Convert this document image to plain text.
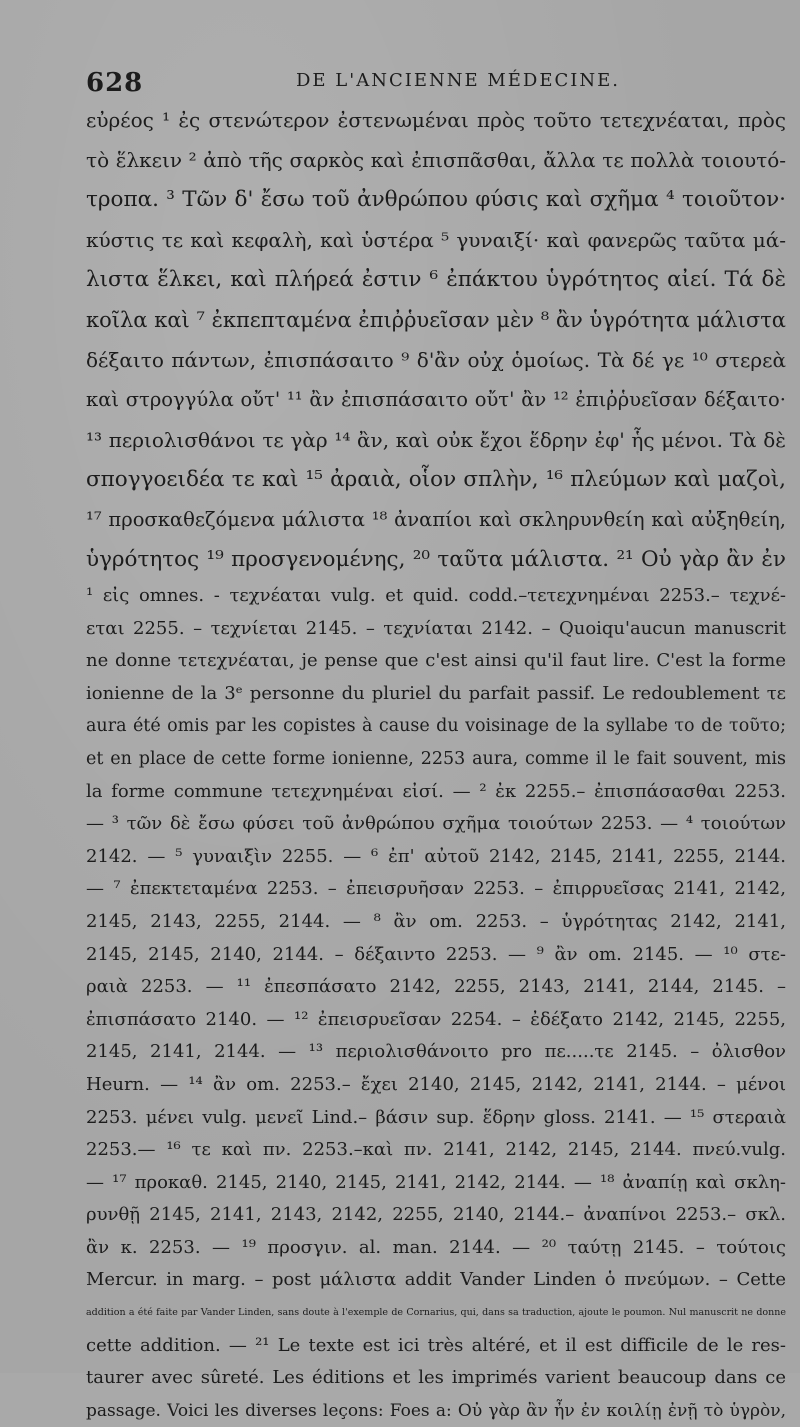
628	DE L'ANCIENNE MÉDECINE.
εὐρέος ¹ ἐς στενώτερον ἐστενωμέναι πρὸς τοῦτο τετεχνέαται, πρὸς
τὸ ἕλκειν ² ἀπὸ τῆς σαρκὸς καὶ ἐπισπᾶσθαι, ἄλλα τε πολλὰ τοιουτό-
τροπα. ³ Τῶν δ' ἔσω τοῦ ἀνθρώπου φύσις καὶ σχῆμα ⁴ τοιοῦτον·
κύστις τε καὶ κεφαλὴ, καὶ ὑστέρα ⁵ γυναιξί· καὶ φανερῶς ταῦτα μά-
λιστα ἕλκει, καὶ πλήρεά ἐστιν ⁶ ἐπάκτου ὑγρότητος αἰεί. Τά δὲ
κοῖλα καὶ ⁷ ἐκπεπταμένα ἐπιῤῥυεῖσαν μὲν ⁸ ἂν ὑγρότητα μάλιστα
δέξαιτο πάντων, ἐπισπάσαιτο ⁹ δ'ἂν οὐχ ὁμοίως. Τὰ δέ γε ¹⁰ στερεὰ
καὶ στρογγύλα οὔτ' ¹¹ ἂν ἐπισπάσαιτο οὔτ' ἂν ¹² ἐπιῤῥυεῖσαν δέξαιτο·
¹³ περιολισθάνοι τε γὰρ ¹⁴ ἂν, καὶ οὐκ ἔχοι ἕδρην ἐφ' ἧς μένοι. Τὰ δὲ
σπογγοειδέα τε καὶ ¹⁵ ἀραιὰ, οἷον σπλὴν, ¹⁶ πλεύμων καὶ μαζοὶ,
¹⁷ προσκαθεζόμενα μάλιστα ¹⁸ ἀναπίοι καὶ σκληρυνθείη καὶ αὐξηθείη,
ὑγρότητος ¹⁹ προσγενομένης, ²⁰ ταῦτα μάλιστα. ²¹ Οὐ γὰρ ἂν ἐν
¹ εἰς omnes. - τεχνέαται vulg. et quid. codd.–τετεχνημέναι 2253.– τεχνέ-
εται 2255. – τεχνίεται 2145. – τεχνίαται 2142. – Quoiqu'aucun manuscrit
ne donne τετεχνέαται, je pense que c'est ainsi qu'il faut lire. C'est la forme
ionienne de la 3ᵉ personne du pluriel du parfait passif. Le redoublement τε
aura été omis par les copistes à cause du voisinage de la syllabe το de τοῦτο;
et en place de cette forme ionienne, 2253 aura, comme il le fait souvent, mis
la forme commune τετεχνημέναι εἰσί. — ² ἐκ 2255.– ἐπισπάσασθαι 2253.
— ³ τῶν δὲ ἔσω φύσει τοῦ ἀνθρώπου σχῆμα τοιούτων 2253. — ⁴ τοιούτων
2142. — ⁵ γυναιξὶν 2255. — ⁶ ἐπ' αὐτοῦ 2142, 2145, 2141, 2255, 2144.
— ⁷ ἐπεκτεταμένα 2253. – ἐπεισρυῆσαν 2253. – ἐπιρρυεῖσας 2141, 2142,
2145, 2143, 2255, 2144. — ⁸ ἂν om. 2253. – ὑγρότητας 2142, 2141,
2145, 2145, 2140, 2144. – δέξαιντο 2253. — ⁹ ἂν om. 2145. — ¹⁰ στε-
ραιὰ 2253. — ¹¹ ἐπεσπάσατο 2142, 2255, 2143, 2141, 2144, 2145. –
ἐπισπάσατο 2140. — ¹² ἐπεισρυεῖσαν 2254. – ἐδέξατο 2142, 2145, 2255,
2145, 2141, 2144. — ¹³ περιολισθάνοιτο pro πε.....τε 2145. – ὀλισθον
Heurn. — ¹⁴ ἂν om. 2253.– ἔχει 2140, 2145, 2142, 2141, 2144. – μένοι
2253. μένει vulg. μενεῖ Lind.– βάσιν sup. ἕδρην gloss. 2141. — ¹⁵ στεραιὰ
2253.— ¹⁶ τε καὶ πν. 2253.–καὶ πν. 2141, 2142, 2145, 2144. πνεύ.vulg.
— ¹⁷ προκαθ. 2145, 2140, 2145, 2141, 2142, 2144. — ¹⁸ ἀναπίῃ καὶ σκλη-
ρυνθῇ 2145, 2141, 2143, 2142, 2255, 2140, 2144.– ἀναπίνοι 2253.– σκλ.
ἂν κ. 2253. — ¹⁹ προσγιν. al. man. 2144. — ²⁰ ταύτῃ 2145. – τούτοις
Mercur. in marg. – post μάλιστα addit Vander Linden ὁ πνεύμων. – Cette
addition a été faite par Vander Linden, sans doute à l'exemple de Cornarius, qui, dans sa traduction, ajoute le poumon. Nul manuscrit ne donne
cette addition. — ²¹ Le texte est ici très altéré, et il est difficile de le res-
taurer avec sûreté. Les éditions et les imprimés varient beaucoup dans ce
passage. Voici les diverses leçons: Foes a: Οὐ γὰρ ἂν ἦν ἐν κοιλίῃ ἐνῇ τὸ ὑγρὸν,
